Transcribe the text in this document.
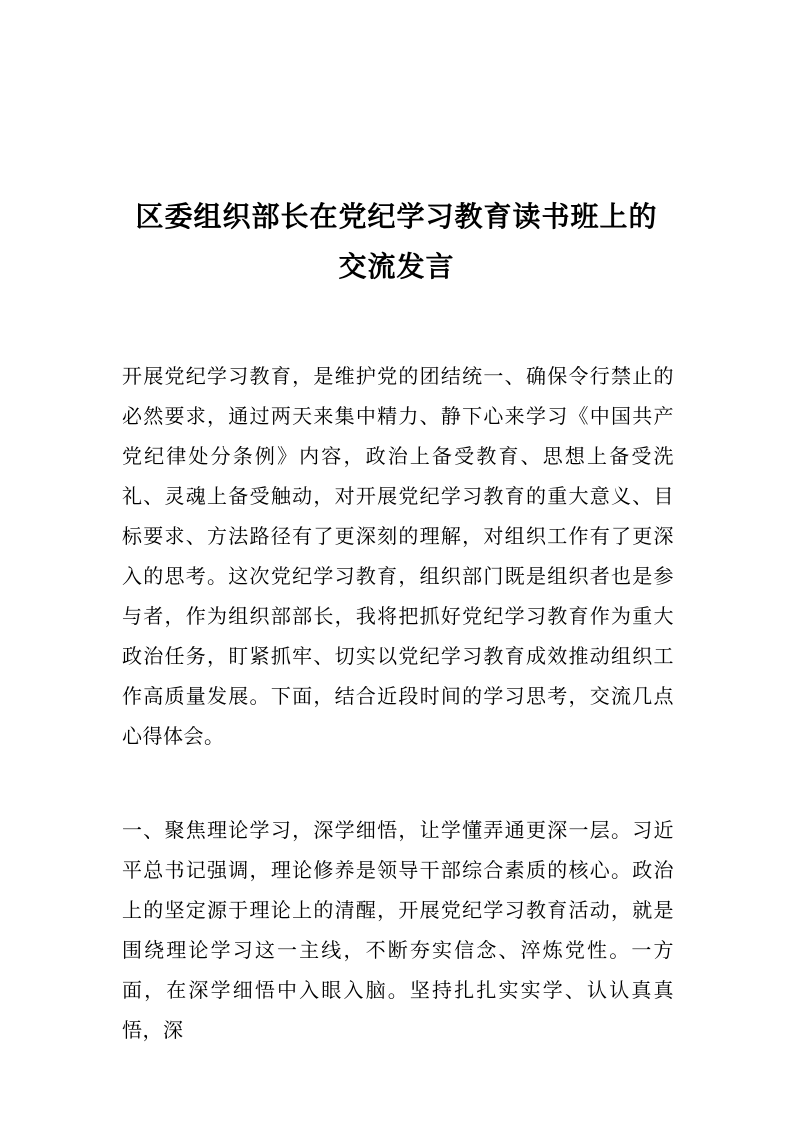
区委组织部长在党纪学习教育读书班上的
交流发言
开展党纪学习教育，是维护党的团结统一、确保令行禁止的必然要求，通过两天来集中精力、静下心来学习《中国共产党纪律处分条例》内容，政治上备受教育、思想上备受洗礼、灵魂上备受触动，对开展党纪学习教育的重大意义、目标要求、方法路径有了更深刻的理解，对组织工作有了更深入的思考。这次党纪学习教育，组织部门既是组织者也是参与者，作为组织部部长，我将把抓好党纪学习教育作为重大政治任务，盯紧抓牢、切实以党纪学习教育成效推动组织工作高质量发展。下面，结合近段时间的学习思考，交流几点心得体会。
一、聚焦理论学习，深学细悟，让学懂弄通更深一层。习近平总书记强调，理论修养是领导干部综合素质的核心。政治上的坚定源于理论上的清醒，开展党纪学习教育活动，就是围绕理论学习这一主线，不断夯实信念、淬炼党性。一方面，在深学细悟中入眼入脑。坚持扎扎实实学、认认真真悟，深
